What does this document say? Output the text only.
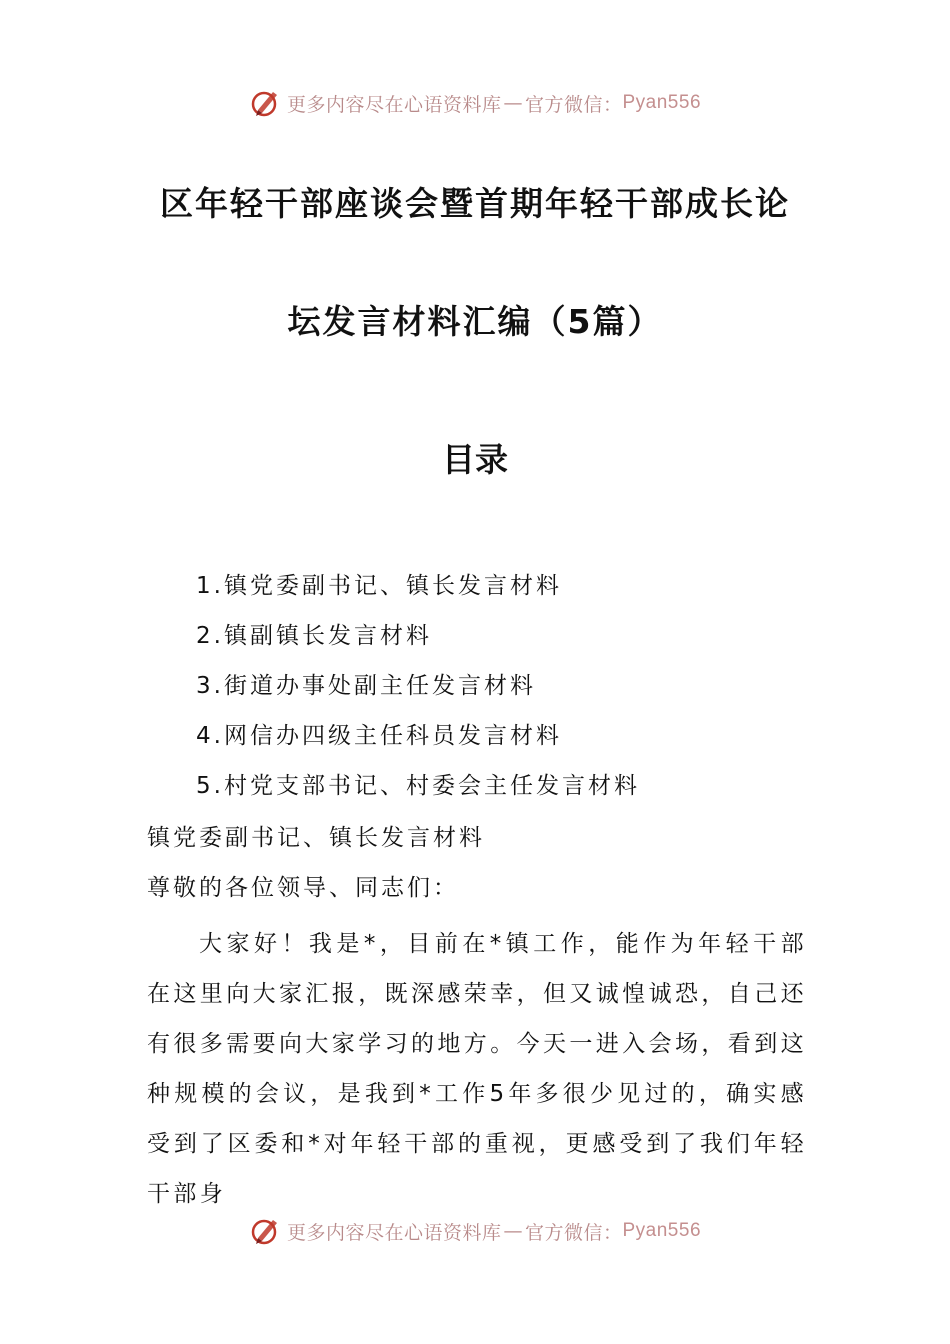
更多内容尽在心语资料库 — 官方微信： Pyan556
区年轻干部座谈会暨首期年轻干部成长论
坛发言材料汇编（5篇）
目录
1.镇党委副书记、镇长发言材料
2.镇副镇长发言材料
3.街道办事处副主任发言材料
4.网信办四级主任科员发言材料
5.村党支部书记、村委会主任发言材料
镇党委副书记、镇长发言材料
尊敬的各位领导、同志们：

大家好！我是*，目前在*镇工作，能作为年轻干部在这里向大家汇报，既深感荣幸，但又诚惶诚恐，自己还有很多需要向大家学习的地方。今天一进入会场，看到这种规模的会议，是我到*工作5年多很少见过的，确实感受到了区委和*对年轻干部的重视，更感受到了我们年轻干部身

更多内容尽在心语资料库 — 官方微信： Pyan556
